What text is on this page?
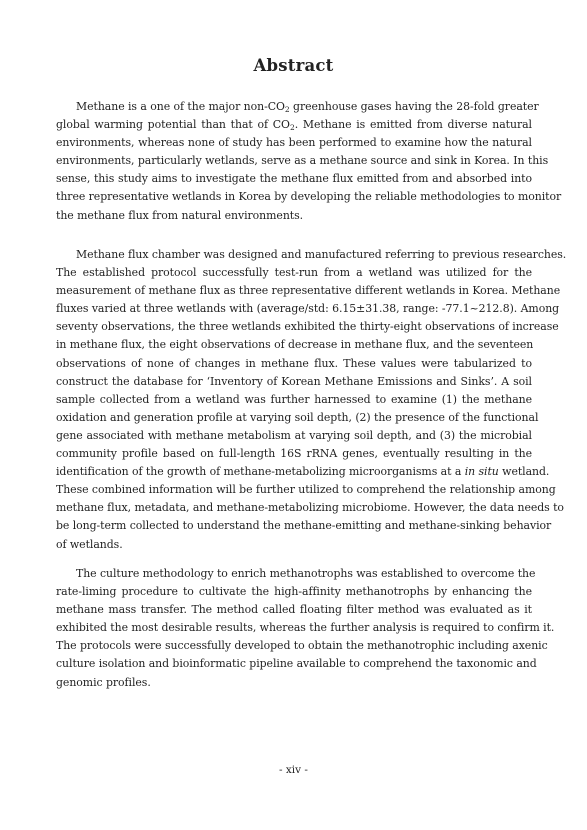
Abstract

Methane is a one of the major non-$CO_2$ greenhouse gases having the 28-fold greater
global warming potential than that of $CO_2$. Methane is emitted from diverse natural
environments, whereas none of study has been performed to examine how the natural
environments, particularly wetlands, serve as a methane source and sink in Korea. In this
sense, this study aims to investigate the methane flux emitted from and absorbed into
three representative wetlands in Korea by developing the reliable methodologies to monitor
the methane flux from natural environments.

Methane flux chamber was designed and manufactured referring to previous researches.
The established protocol successfully test-run from a wetland was utilized for the
measurement of methane flux as three representative different wetlands in Korea. Methane
fluxes varied at three wetlands with (average/std: 6.15±31.38, range: -77.1~212.8). Among
seventy observations, the three wetlands exhibited the thirty-eight observations of increase
in methane flux, the eight observations of decrease in methane flux, and the seventeen
observations of none of changes in methane flux. These values were tabularized to
construct the database for ‘Inventory of Korean Methane Emissions and Sinks’. A soil
sample collected from a wetland was further harnessed to examine (1) the methane
oxidation and generation profile at varying soil depth, (2) the presence of the functional
gene associated with methane metabolism at varying soil depth, and (3) the microbial
community profile based on full-length 16S rRNA genes, eventually resulting in the
identification of the growth of methane-metabolizing microorganisms at a in situ wetland.
These combined information will be further utilized to comprehend the relationship among
methane flux, metadata, and methane-metabolizing microbiome. However, the data needs to
be long-term collected to understand the methane-emitting and methane-sinking behavior
of wetlands.

The culture methodology to enrich methanotrophs was established to overcome the
rate-liming procedure to cultivate the high-affinity methanotrophs by enhancing the
methane mass transfer. The method called floating filter method was evaluated as it
exhibited the most desirable results, whereas the further analysis is required to confirm it.
The protocols were successfully developed to obtain the methanotrophic including axenic
culture isolation and bioinformatic pipeline available to comprehend the taxonomic and
genomic profiles.

- xiv -
